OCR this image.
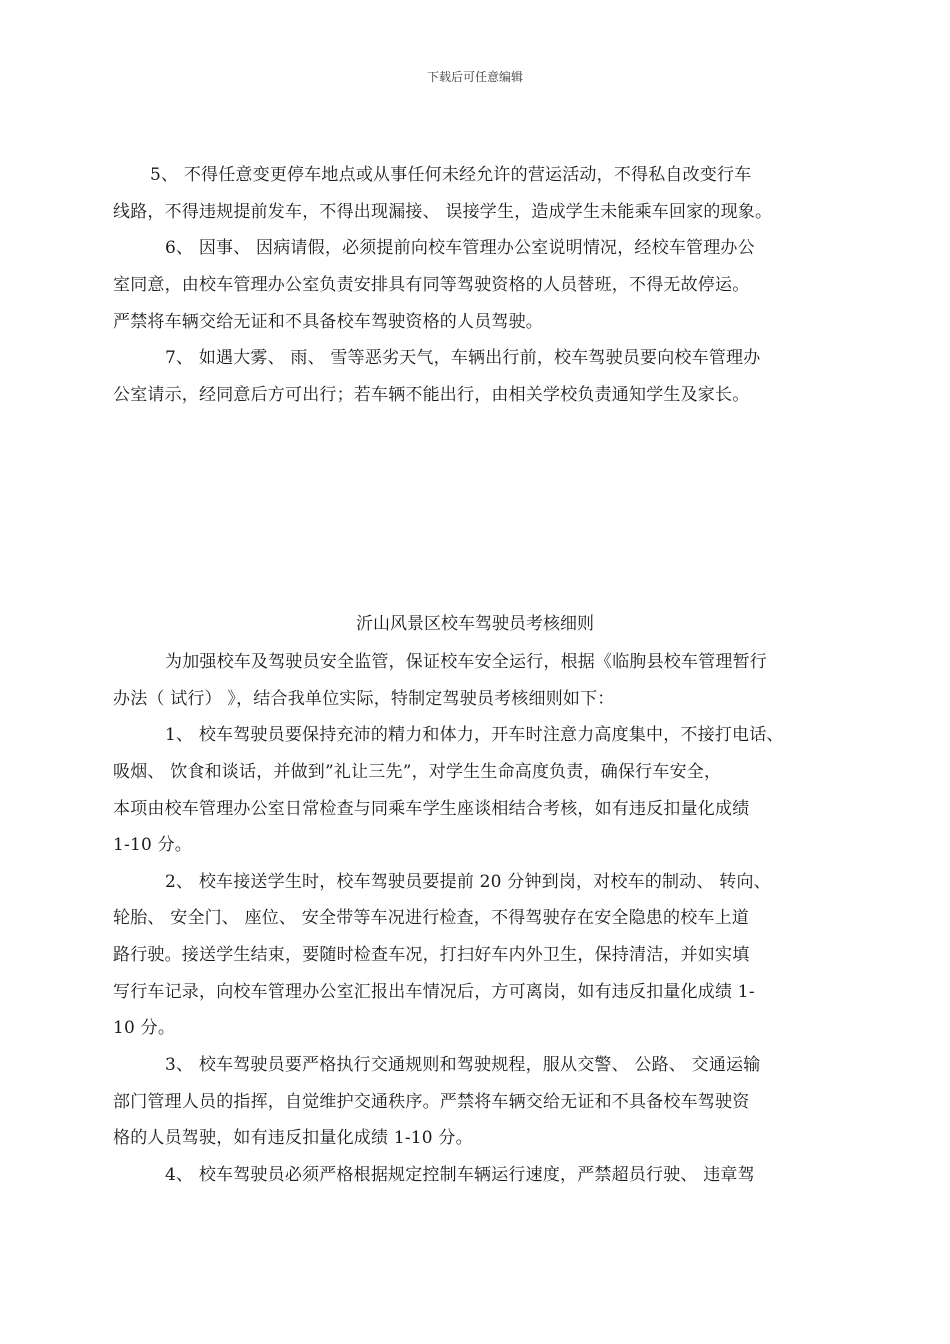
下载后可任意编辑
5、 不得任意变更停车地点或从事任何未经允许的营运活动，不得私自改变行车
线路，不得违规提前发车，不得出现漏接、 误接学生，造成学生未能乘车回家的现象。
6、 因事、 因病请假，必须提前向校车管理办公室说明情况，经校车管理办公
室同意，由校车管理办公室负责安排具有同等驾驶资格的人员替班，不得无故停运。
严禁将车辆交给无证和不具备校车驾驶资格的人员驾驶。
7、 如遇大雾、 雨、 雪等恶劣天气，车辆出行前，校车驾驶员要向校车管理办
公室请示，经同意后方可出行；若车辆不能出行，由相关学校负责通知学生及家长。
沂山风景区校车驾驶员考核细则
为加强校车及驾驶员安全监管，保证校车安全运行，根据《临朐县校车管理暂行
办法（ 试行） 》，结合我单位实际，特制定驾驶员考核细则如下：
1、 校车驾驶员要保持充沛的精力和体力，开车时注意力高度集中，不接打电话、
吸烟、 饮食和谈话，并做到”礼让三先”，对学生生命高度负责，确保行车安全，
本项由校车管理办公室日常检查与同乘车学生座谈相结合考核，如有违反扣量化成绩
1-10 分。
2、 校车接送学生时，校车驾驶员要提前 20 分钟到岗，对校车的制动、 转向、
轮胎、 安全门、 座位、 安全带等车况进行检查，不得驾驶存在安全隐患的校车上道
路行驶。接送学生结束，要随时检查车况，打扫好车内外卫生，保持清洁，并如实填
写行车记录，向校车管理办公室汇报出车情况后，方可离岗，如有违反扣量化成绩 1-
10 分。
3、 校车驾驶员要严格执行交通规则和驾驶规程，服从交警、 公路、 交通运输
部门管理人员的指挥，自觉维护交通秩序。严禁将车辆交给无证和不具备校车驾驶资
格的人员驾驶，如有违反扣量化成绩 1-10 分。
4、 校车驾驶员必须严格根据规定控制车辆运行速度，严禁超员行驶、 违章驾
